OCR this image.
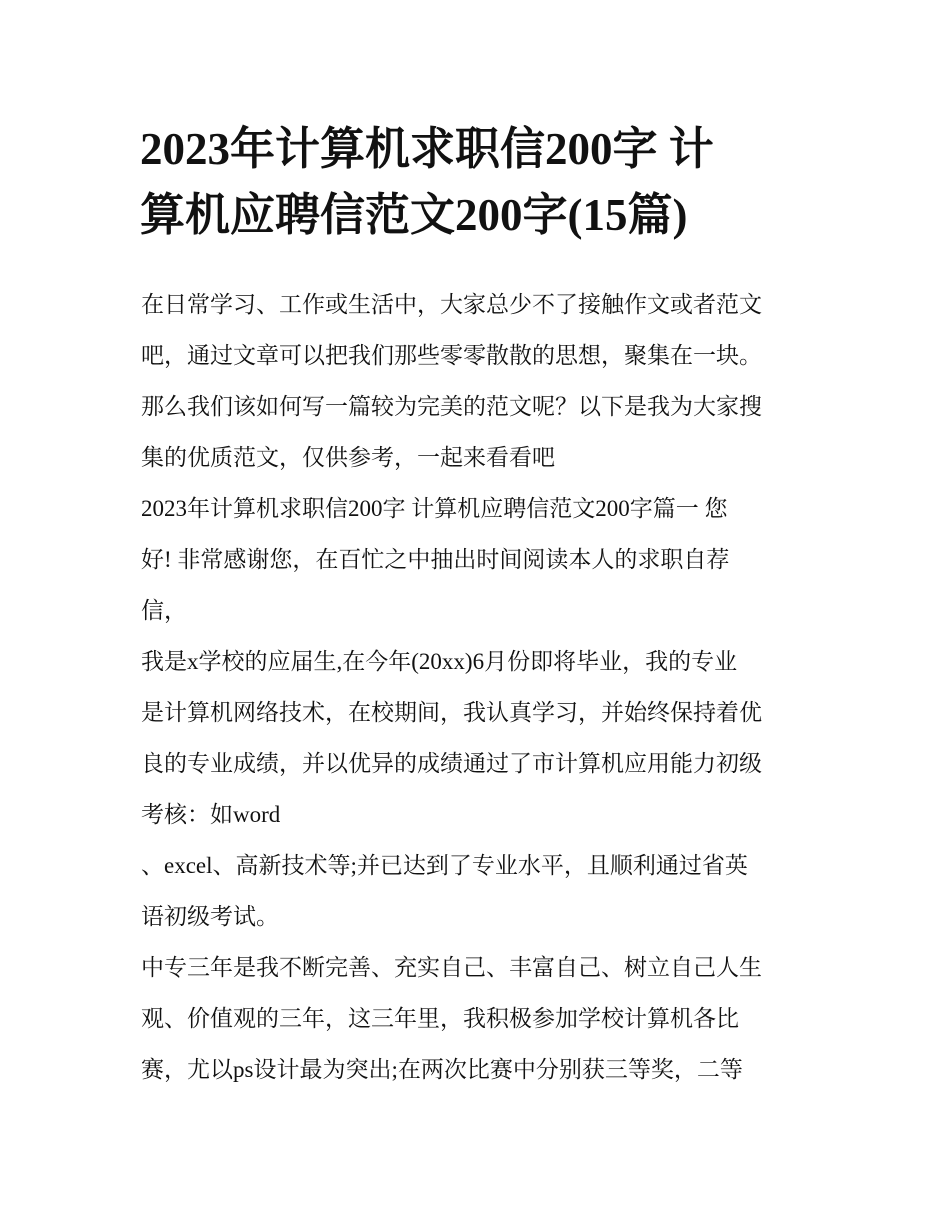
2023年计算机求职信200字 计
算机应聘信范文200字(15篇)

在日常学习、工作或生活中，大家总少不了接触作文或者范文
吧，通过文章可以把我们那些零零散散的思想，聚集在一块。
那么我们该如何写一篇较为完美的范文呢？以下是我为大家搜
集的优质范文，仅供参考，一起来看看吧

2023年计算机求职信200字 计算机应聘信范文200字篇一 您
好! 非常感谢您，在百忙之中抽出时间阅读本人的求职自荐
信，

我是x学校的应届生,在今年(20xx)6月份即将毕业，我的专业
是计算机网络技术，在校期间，我认真学习，并始终保持着优
良的专业成绩，并以优异的成绩通过了市计算机应用能力初级
考核：如word

、excel、高新技术等;并已达到了专业水平，且顺利通过省英
语初级考试。

中专三年是我不断完善、充实自己、丰富自己、树立自己人生
观、价值观的三年，这三年里，我积极参加学校计算机各比
赛，尤以ps设计最为突出;在两次比赛中分别获三等奖，二等
